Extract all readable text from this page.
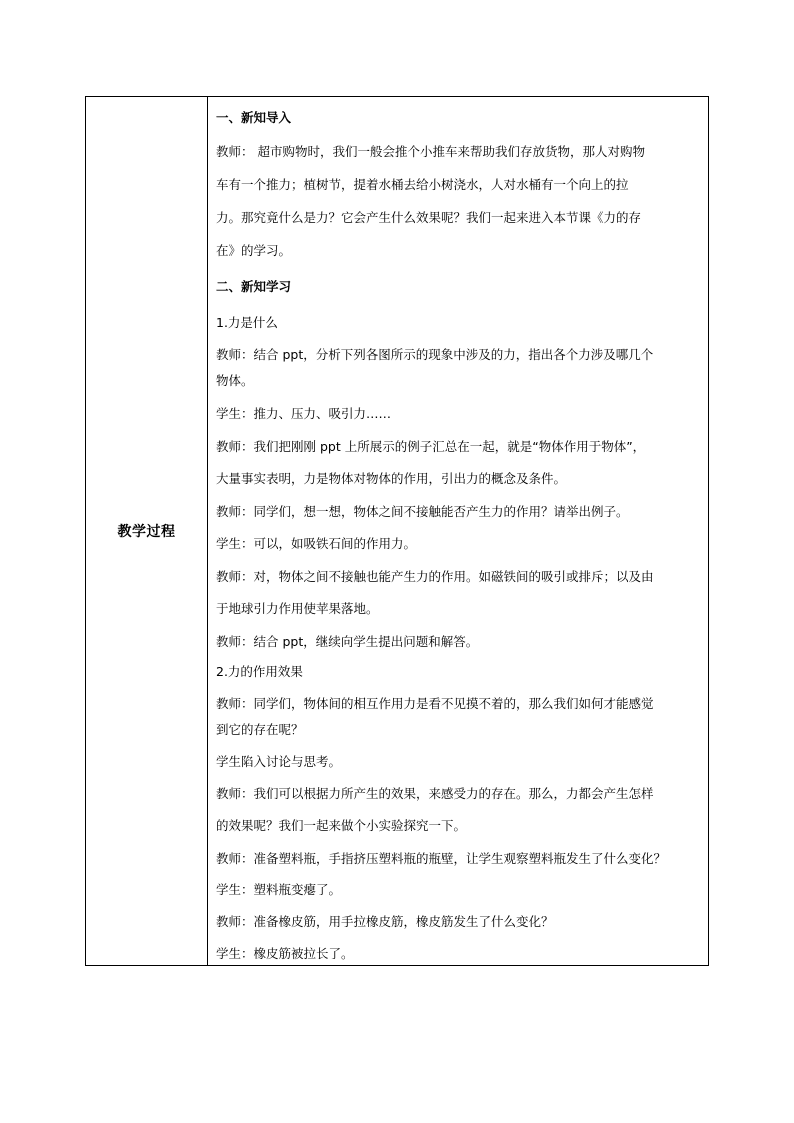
教学过程
一、新知导入
教师： 超市购物时，我们一般会推个小推车来帮助我们存放货物，那人对购物
车有一个推力；植树节，提着水桶去给小树浇水，人对水桶有一个向上的拉
力。那究竟什么是力？它会产生什么效果呢？我们一起来进入本节课《力的存
在》的学习。
二、新知学习
1.力是什么
教师：结合 ppt，分析下列各图所示的现象中涉及的力，指出各个力涉及哪几个
物体。
学生：推力、压力、吸引力……
教师：我们把刚刚 ppt 上所展示的例子汇总在一起，就是“物体作用于物体”，
大量事实表明，力是物体对物体的作用，引出力的概念及条件。
教师：同学们，想一想，物体之间不接触能否产生力的作用？请举出例子。
学生：可以，如吸铁石间的作用力。
教师：对，物体之间不接触也能产生力的作用。如磁铁间的吸引或排斥；以及由
于地球引力作用使苹果落地。
教师：结合 ppt，继续向学生提出问题和解答。
2.力的作用效果
教师：同学们，物体间的相互作用力是看不见摸不着的，那么我们如何才能感觉
到它的存在呢？
学生陷入讨论与思考。
教师：我们可以根据力所产生的效果，来感受力的存在。那么，力都会产生怎样
的效果呢？我们一起来做个小实验探究一下。
教师：准备塑料瓶，手指挤压塑料瓶的瓶壁，让学生观察塑料瓶发生了什么变化？
学生：塑料瓶变瘪了。
教师：准备橡皮筋，用手拉橡皮筋，橡皮筋发生了什么变化？
学生：橡皮筋被拉长了。
